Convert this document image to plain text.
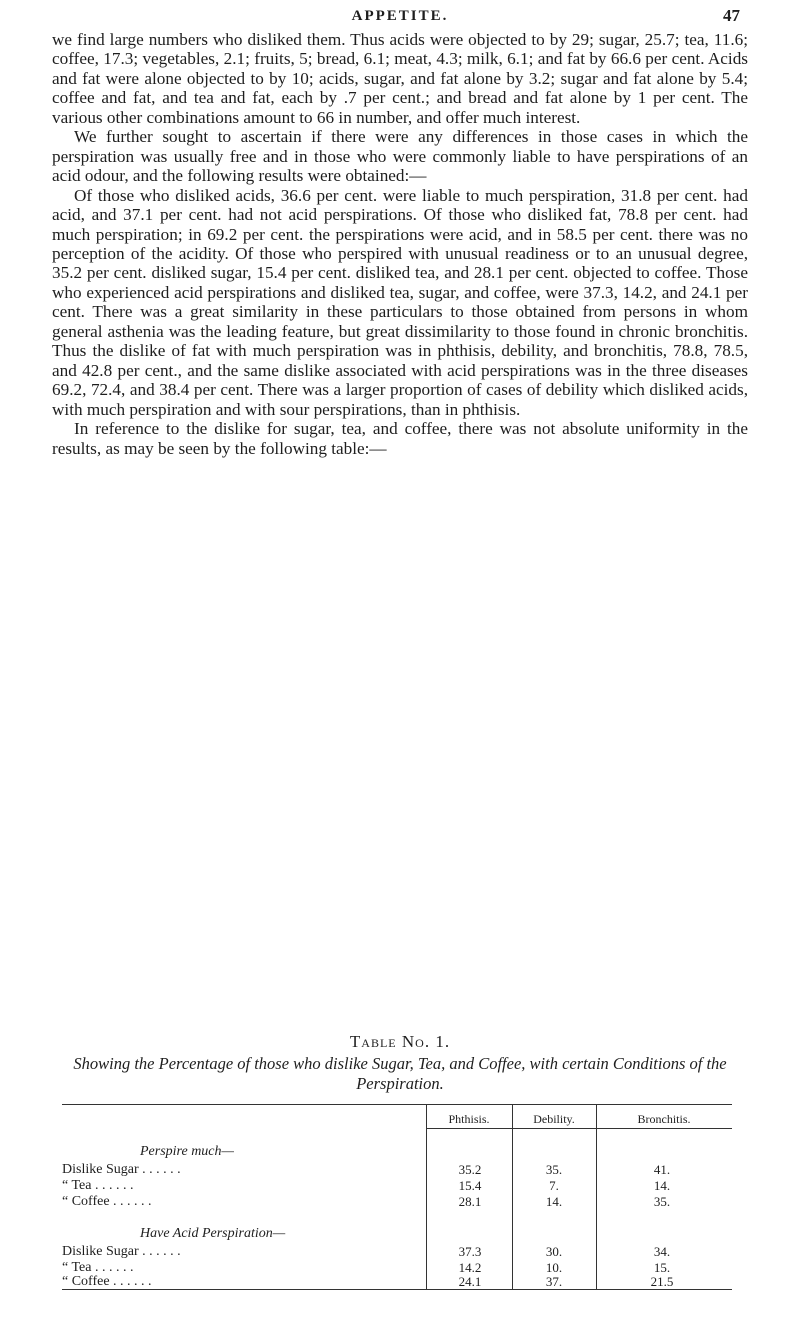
APPETITE.	47

we find large numbers who disliked them. Thus acids were objected to by 29; sugar, 25.7; tea, 11.6; coffee, 17.3; vegetables, 2.1; fruits, 5; bread, 6.1; meat, 4.3; milk, 6.1; and fat by 66.6 per cent. Acids and fat were alone objected to by 10; acids, sugar, and fat alone by 3.2; sugar and fat alone by 5.4; coffee and fat, and tea and fat, each by .7 per cent.; and bread and fat alone by 1 per cent. The various other combinations amount to 66 in number, and offer much interest.

We further sought to ascertain if there were any differences in those cases in which the perspiration was usually free and in those who were commonly liable to have perspirations of an acid odour, and the following results were obtained:—

Of those who disliked acids, 36.6 per cent. were liable to much perspiration, 31.8 per cent. had acid, and 37.1 per cent. had not acid perspirations. Of those who disliked fat, 78.8 per cent. had much perspiration; in 69.2 per cent. the perspirations were acid, and in 58.5 per cent. there was no perception of the acidity. Of those who perspired with unusual readiness or to an unusual degree, 35.2 per cent. disliked sugar, 15.4 per cent. disliked tea, and 28.1 per cent. objected to coffee. Those who experienced acid perspirations and disliked tea, sugar, and coffee, were 37.3, 14.2, and 24.1 per cent. There was a great similarity in these particulars to those obtained from persons in whom general asthenia was the leading feature, but great dissimilarity to those found in chronic bronchitis. Thus the dislike of fat with much perspiration was in phthisis, debility, and bronchitis, 78.8, 78.5, and 42.8 per cent., and the same dislike associated with acid perspirations was in the three diseases 69.2, 72.4, and 38.4 per cent. There was a larger proportion of cases of debility which disliked acids, with much perspiration and with sour perspirations, than in phthisis.

In reference to the dislike for sugar, tea, and coffee, there was not absolute uniformity in the results, as may be seen by the following table:—

Table No. 1.
Showing the Percentage of those who dislike Sugar, Tea, and Coffee, with certain Conditions of the Perspiration.
Phthisis.	Debility.	Bronchitis.
Perspire much—
Dislike Sugar . . . . . .	35.2	35.	41.
“ Tea . . . . . .	15.4	7.	14.
“ Coffee . . . . . .	28.1	14.	35.
Have Acid Perspiration—
Dislike Sugar . . . . . .	37.3	30.	34.
“ Tea . . . . . .	14.2	10.	15.
“ Coffee . . . . . .	24.1	37.	21.5
